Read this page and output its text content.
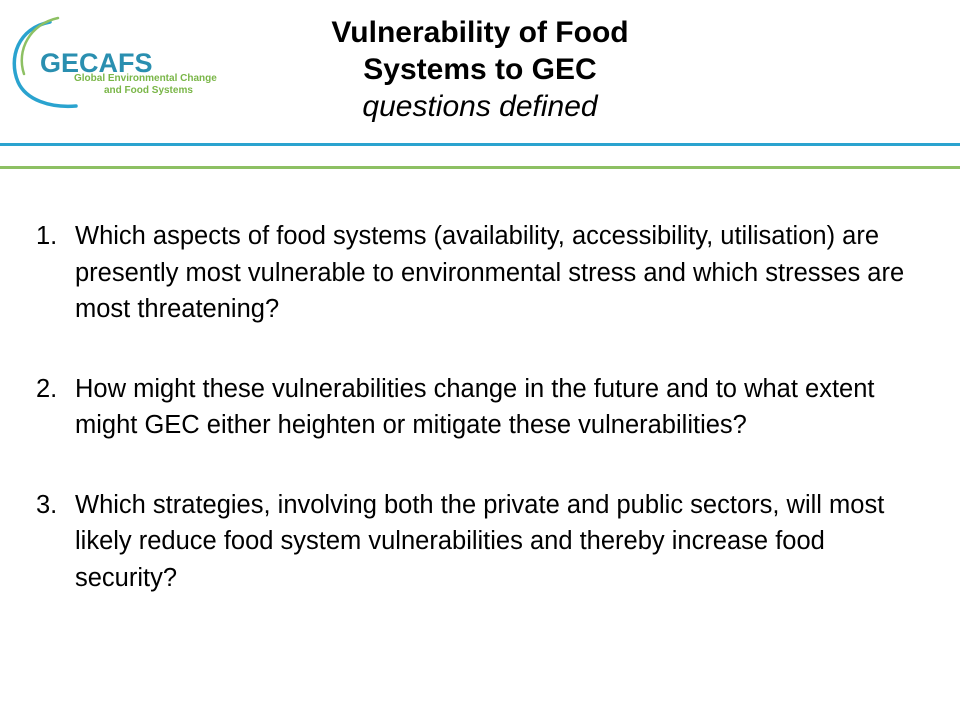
GECAFS
Global Environmental Change
and Food Systems
Vulnerability of Food
Systems to GEC
questions defined
1. Which aspects of food systems (availability, accessibility, utilisation) are presently most vulnerable to environmental stress and which stresses are most threatening?
2. How might these vulnerabilities change in the future and to what extent might GEC either heighten or mitigate these vulnerabilities?
3. Which strategies, involving both the private and public sectors, will most likely reduce food system vulnerabilities and thereby increase food security?
